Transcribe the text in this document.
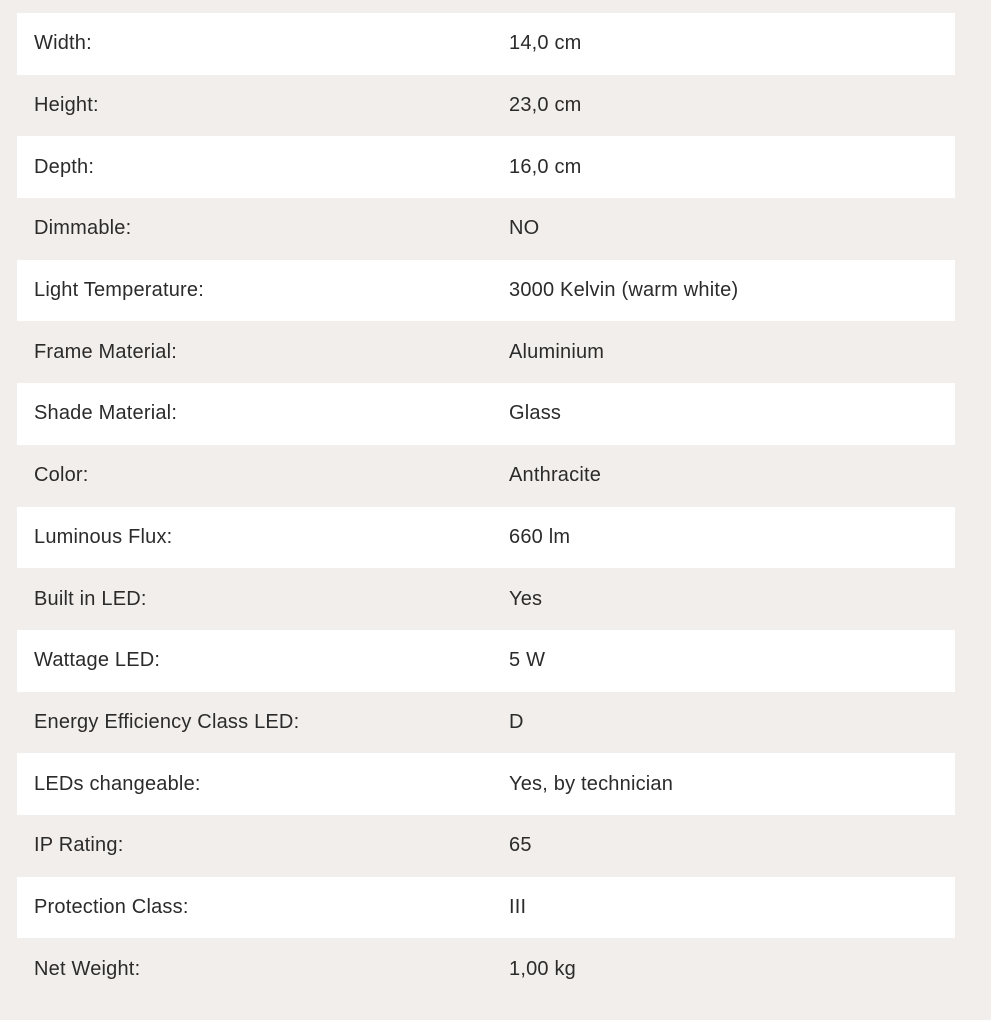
Width:	14,0 cm
Height:	23,0 cm
Depth:	16,0 cm
Dimmable:	NO
Light Temperature:	3000 Kelvin (warm white)
Frame Material:	Aluminium
Shade Material:	Glass
Color:	Anthracite
Luminous Flux:	660 lm
Built in LED:	Yes
Wattage LED:	5 W
Energy Efficiency Class LED:	D
LEDs changeable:	Yes, by technician
IP Rating:	65
Protection Class:	III
Net Weight:	1,00 kg
